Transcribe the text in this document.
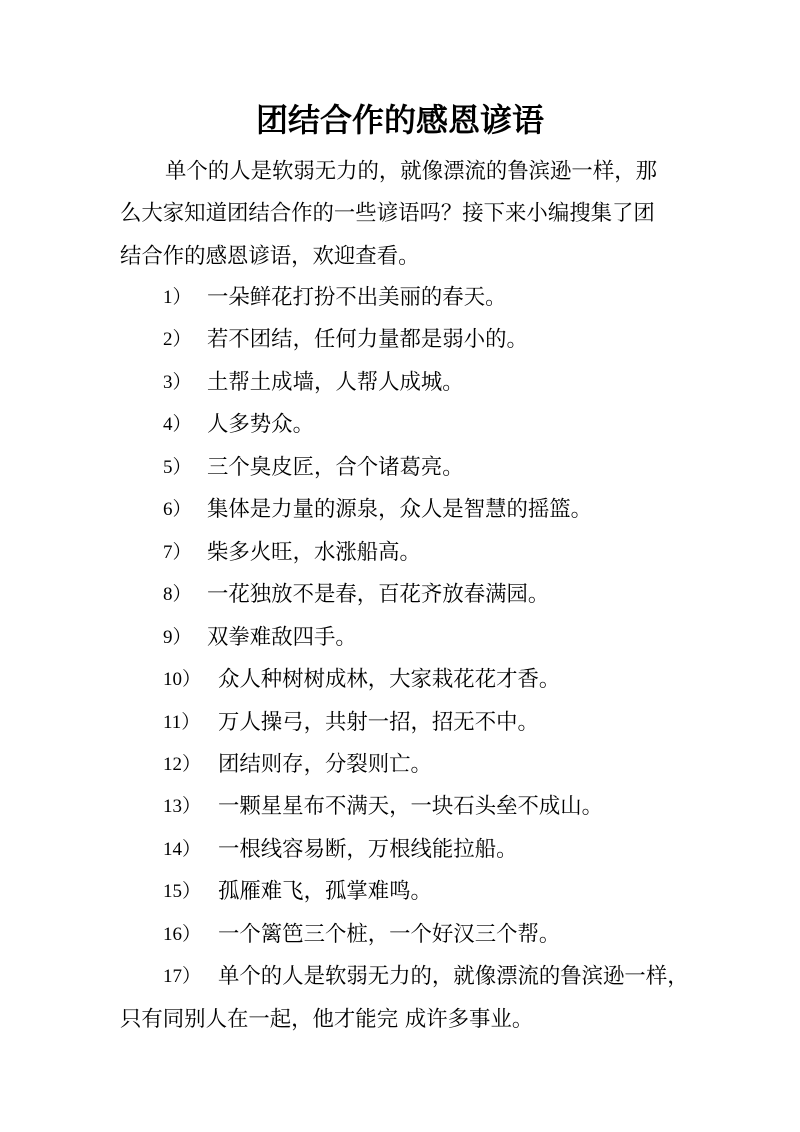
团结合作的感恩谚语
单个的人是软弱无力的，就像漂流的鲁滨逊一样，那
么大家知道团结合作的一些谚语吗？接下来小编搜集了团
结合作的感恩谚语，欢迎查看。
1） 一朵鲜花打扮不出美丽的春天。
2） 若不团结，任何力量都是弱小的。
3） 土帮土成墙，人帮人成城。
4） 人多势众。
5） 三个臭皮匠，合个诸葛亮。
6） 集体是力量的源泉，众人是智慧的摇篮。
7） 柴多火旺，水涨船高。
8） 一花独放不是春，百花齐放春满园。
9） 双拳难敌四手。
10） 众人种树树成林，大家栽花花才香。
11） 万人操弓，共射一招，招无不中。
12） 团结则存，分裂则亡。
13） 一颗星星布不满天，一块石头垒不成山。
14） 一根线容易断，万根线能拉船。
15） 孤雁难飞，孤掌难鸣。
16） 一个篱笆三个桩，一个好汉三个帮。
17） 单个的人是软弱无力的，就像漂流的鲁滨逊一样，
只有同别人在一起，他才能完 成许多事业。
